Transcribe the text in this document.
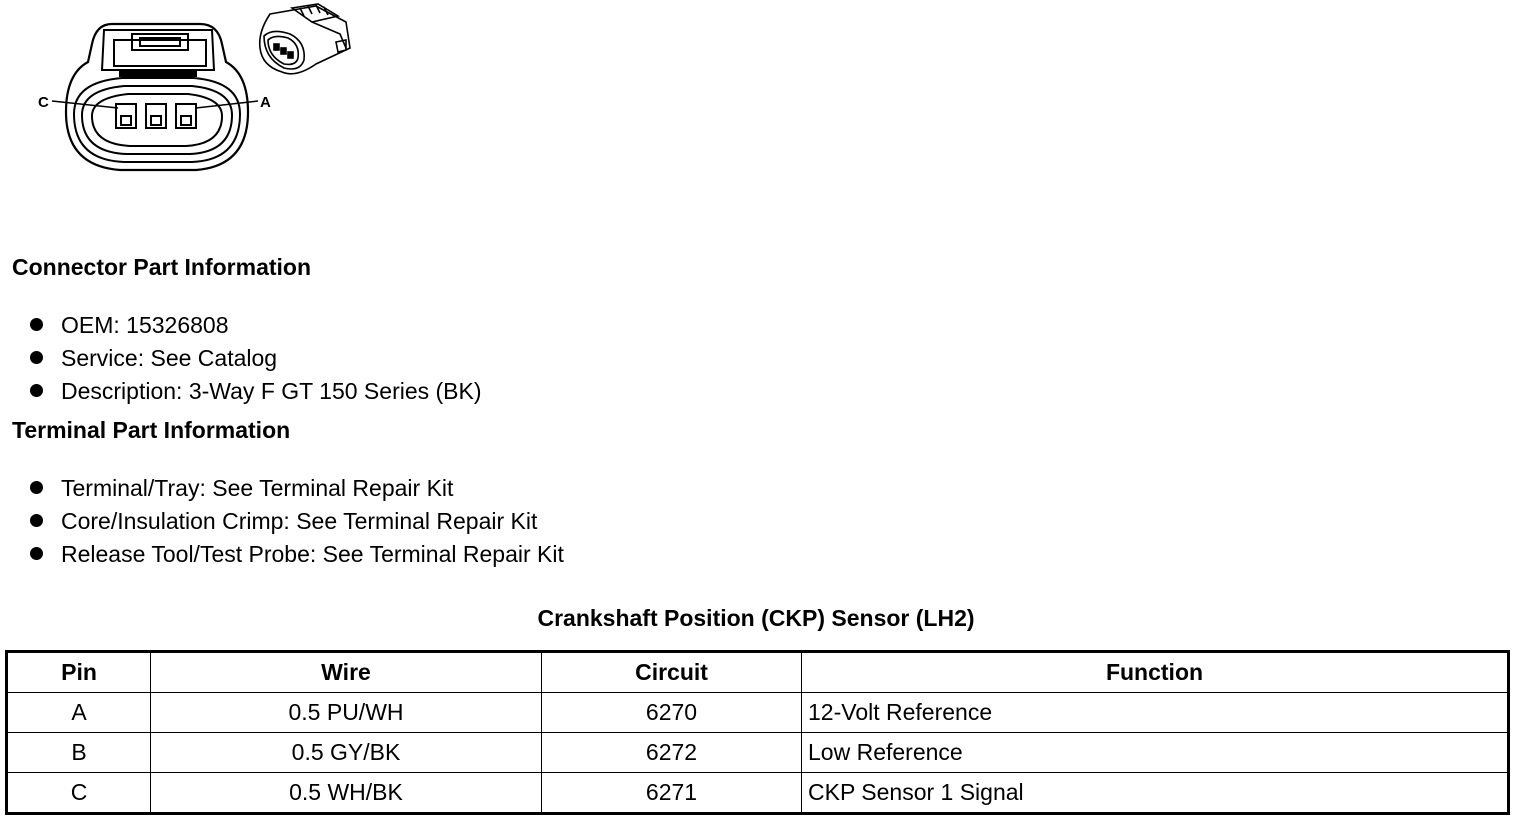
C	A
Connector Part Information
OEM: 15326808
Service: See Catalog
Description: 3-Way F GT 150 Series (BK)
Terminal Part Information
Terminal/Tray: See Terminal Repair Kit
Core/Insulation Crimp: See Terminal Repair Kit
Release Tool/Test Probe: See Terminal Repair Kit
Crankshaft Position (CKP) Sensor (LH2)
Pin	Wire	Circuit	Function
A	0.5 PU/WH	6270	12-Volt Reference
B	0.5 GY/BK	6272	Low Reference
C	0.5 WH/BK	6271	CKP Sensor 1 Signal
